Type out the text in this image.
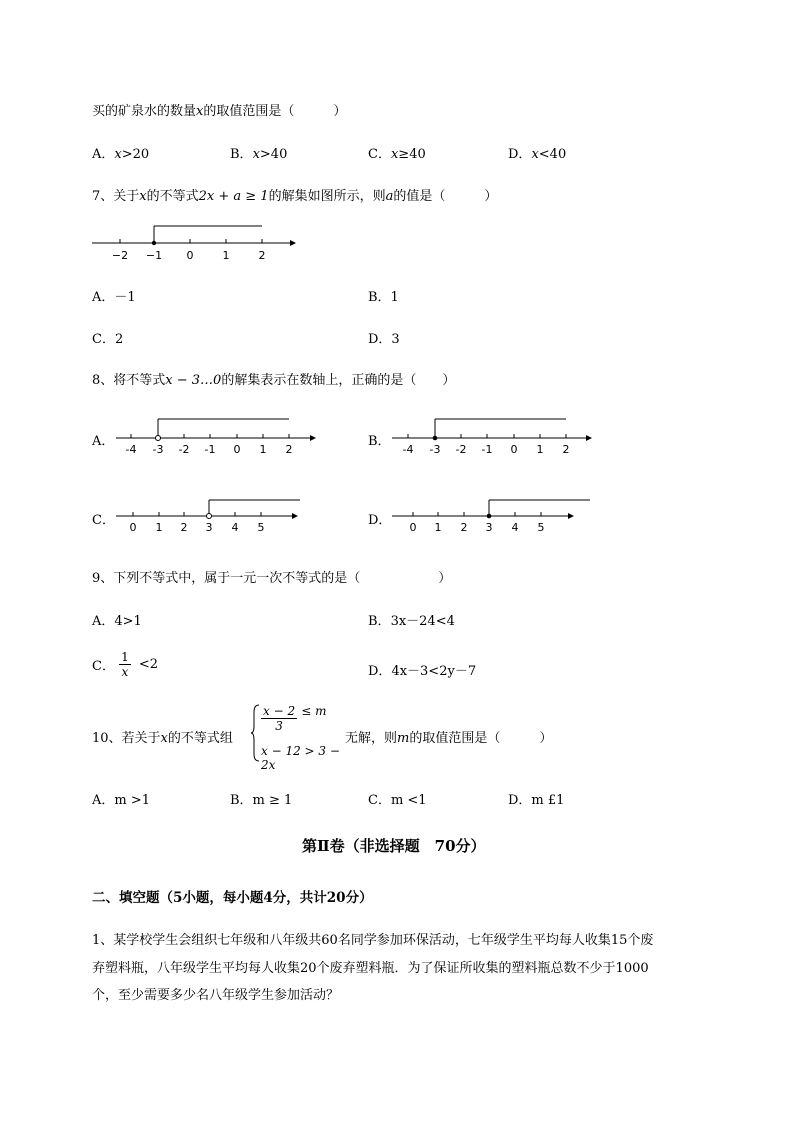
买的矿泉水的数量x的取值范围是（　　　）
A．x>20	B．x>40	C．x≥40	D．x<40
7、关于x的不等式2x + a ≥ 1的解集如图所示，则a的值是（　　　）
−2 −1 0	1	2
A．－1	B．1
C．2	D．3
8、将不等式x − 3…0的解集表示在数轴上，正确的是（　　）
A．
-4 -3 -2 -1 0 1 2
B．
-4 -3 -2 -1 0 1 2
C． 0 1 2 3 4 5	D． 0 1 2 3 4 5
9、下列不等式中，属于一元一次不等式的是（　　　　　　）
A．4>1	B．3x－24<4
C． $\frac{1}{x} <2$	D．4x－3<2y－7
10、若关于x的不等式组
$\frac{x - 2}{3} \le m$
x − 12 > 3 − 2x
无解，则m的取值范围是（　　　）
A．m >1	B．m ≥ 1	C．m <1	D．m £1
第Ⅱ卷（非选择题　70分）
二、填空题（5小题，每小题4分，共计20分）
1、某学校学生会组织七年级和八年级共60名同学参加环保活动，七年级学生平均每人收集15个废
弃塑料瓶，八年级学生平均每人收集20个废弃塑料瓶．为了保证所收集的塑料瓶总数不少于1000
个，至少需要多少名八年级学生参加活动？
